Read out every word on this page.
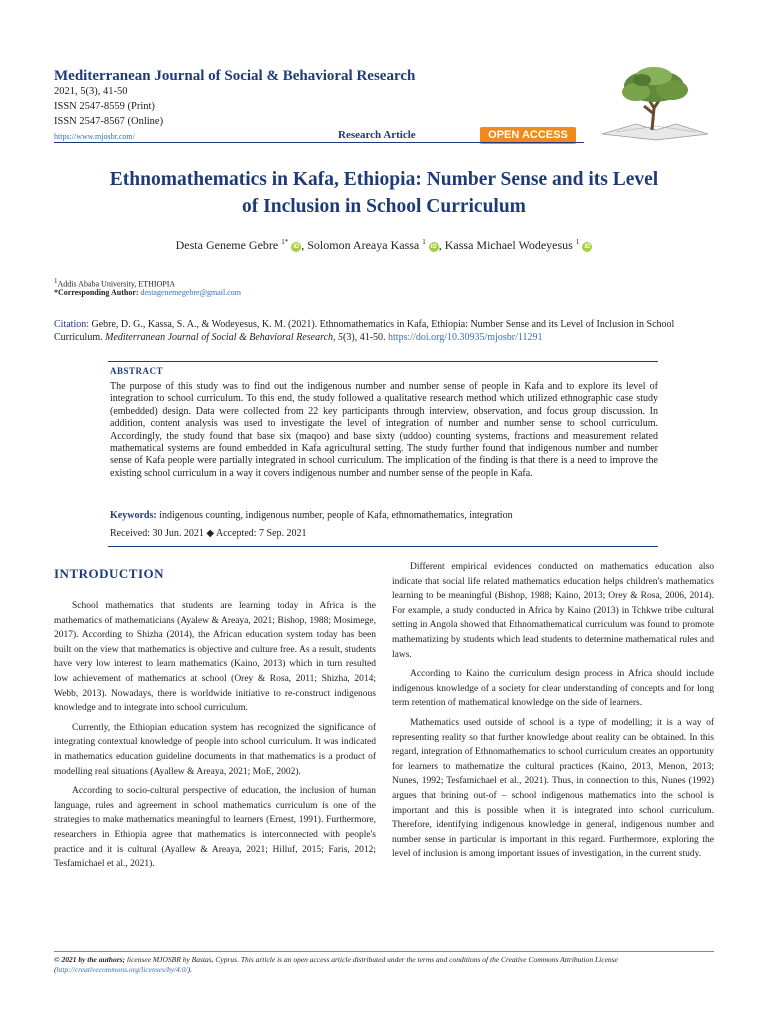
Mediterranean Journal of Social & Behavioral Research
2021, 5(3), 41-50
ISSN 2547-8559 (Print)
ISSN 2547-8567 (Online)
https://www.mjosbr.com/	Research Article	OPEN ACCESS
Ethnomathematics in Kafa, Ethiopia: Number Sense and its Level
of Inclusion in School Curriculum
Desta Geneme Gebre $^{1*}$ iD , Solomon Areaya Kassa $^1$ iD , Kassa Michael Wodeyesus $^1$ iD
$^1$Addis Ababa University, ETHIOPIA
*Corresponding Author: destagenemegebre@gmail.com
Citation: Gebre, D. G., Kassa, S. A., & Wodeyesus, K. M. (2021). Ethnomathematics in Kafa, Ethiopia: Number Sense and its Level of Inclusion in School Curriculum. Mediterranean Journal of Social & Behavioral Research, 5(3), 41-50. https://doi.org/10.30935/mjosbr/11291
ABSTRACT
The purpose of this study was to find out the indigenous number and number sense of people in Kafa and to explore its level of integration to school curriculum. To this end, the study followed a qualitative research method which utilized ethnographic case study (embedded) design. Data were collected from 22 key participants through interview, observation, and focus group discussion. In addition, content analysis was used to investigate the level of integration of number and number sense to school curriculum. Accordingly, the study found that base six (maqoo) and base sixty (uddoo) counting systems, fractions and measurement related mathematical systems are found embedded in Kafa agricultural setting. The study further found that indigenous number and number sense of Kafa people were partially integrated in school curriculum. The implication of the finding is that there is a need to improve the existing school curriculum in a way it covers indigenous number and number sense of the people in Kafa.
Keywords: indigenous counting, indigenous number, people of Kafa, ethnomathematics, integration
Received: 30 Jun. 2021 ◆ Accepted: 7 Sep. 2021
INTRODUCTION

School mathematics that students are learning today in Africa is the mathematics of mathematicians (Ayalew & Areaya, 2021; Bishop, 1988; Mosimege, 2017). According to Shizha (2014), the African education system today has been built on the view that mathematics is objective and culture free. As a result, students have very low interest to learn mathematics (Kaino, 2013) which in turn resulted low achievement of mathematics at school (Orey & Rosa, 2011; Shizha, 2014; Webb, 2013). Nowadays, there is worldwide initiative to re-construct indigenous knowledge and to integrate into school curriculum.

Currently, the Ethiopian education system has recognized the significance of integrating contextual knowledge of people into school curriculum. It was indicated in mathematics education guideline documents in that mathematics is a product of modelling real situations (Ayallew & Areaya, 2021; MoE, 2002).

According to socio-cultural perspective of education, the inclusion of human language, rules and agreement in school mathematics curriculum is one of the strategies to make mathematics meaningful to learners (Ernest, 1991). Furthermore, researchers in Ethiopia agree that mathematics is interconnected with people's practice and it is cultural (Ayallew & Areaya, 2021; Hilluf, 2015; Faris, 2012; Tesfamichael et al., 2021).

Different empirical evidences conducted on mathematics education also indicate that social life related mathematics education helps children's mathematics learning to be meaningful (Bishop, 1988; Kaino, 2013; Orey & Rosa, 2006, 2014). For example, a study conducted in Africa by Kaino (2013) in Tchkwe tribe cultural setting in Angola showed that Ethnomathematical curriculum was found to promote mathematizing by students which lead students to determine mathematical rules and laws.

According to Kaino the curriculum design process in Africa should include indigenous knowledge of a society for clear understanding of concepts and for long term retention of mathematical knowledge on the side of learners.

Mathematics used outside of school is a type of modelling; it is a way of representing reality so that further knowledge about reality can be obtained. In this regard, integration of Ethnomathematics to school curriculum creates an opportunity for learners to mathematize the cultural practices (Kaino, 2013, Menon, 2013; Nunes, 1992; Tesfamichael et al., 2021). Thus, in connection to this, Nunes (1992) argues that brining out-of – school indigenous mathematics into the school is important and this is possible when it is integrated into school curriculum. Therefore, identifying indigenous knowledge in general, indigenous number and number sense in particular is important in this regard. Furthermore, exploring the level of inclusion is among important issues of investigation, in the current study.

© 2021 by the authors; licensee MJOSBR by Bastas, Cyprus. This article is an open access article distributed under the terms and conditions of the Creative Commons Attribution License (http://creativecommons.org/licenses/by/4.0/).
